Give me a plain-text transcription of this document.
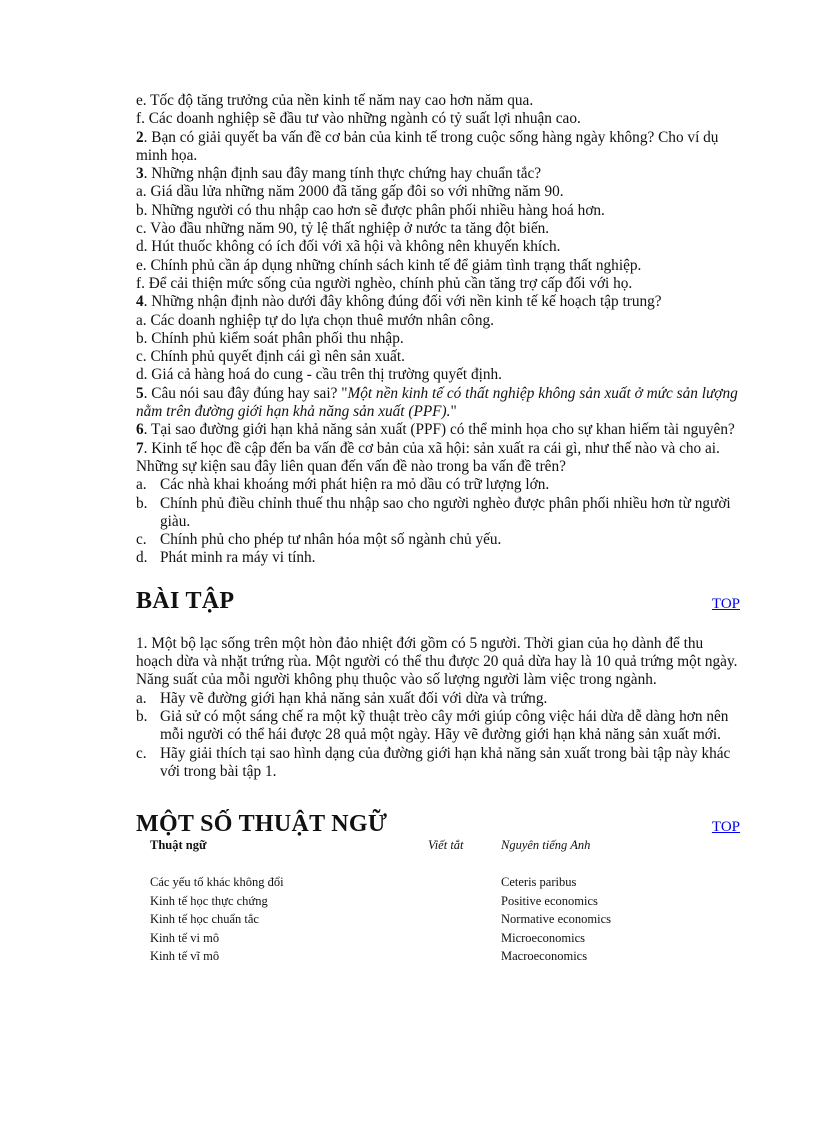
e. Tốc độ tăng trưởng của nền kinh tế năm nay cao hơn năm qua.

f. Các doanh nghiệp sẽ đầu tư vào những ngành có tỷ suất lợi nhuận cao.

2. Bạn có giải quyết ba vấn đề cơ bản của kinh tế trong cuộc sống hàng ngày không? Cho ví dụ minh họa.

3. Những nhận định sau đây mang tính thực chứng hay chuẩn tắc?

a. Giá dầu lửa những năm 2000 đã tăng gấp đôi so với những năm 90.

b. Những người có thu nhập cao hơn sẽ được phân phối nhiều hàng hoá hơn.

c. Vào đầu những năm 90, tỷ lệ thất nghiệp ở nước ta tăng đột biến.

d. Hút thuốc không có ích đối với xã hội và không nên khuyến khích.

e. Chính phủ cần áp dụng những chính sách kinh tế để giảm tình trạng thất nghiệp.

f. Để cải thiện mức sống của người nghèo, chính phủ cần tăng trợ cấp đối với họ.

4. Những nhận định nào dưới đây không đúng đối với nền kinh tế kế hoạch tập trung?

a. Các doanh nghiệp tự do lựa chọn thuê mướn nhân công.

b. Chính phủ kiểm soát phân phối thu nhập.

c. Chính phủ quyết định cái gì nên sản xuất.

d. Giá cả hàng hoá do cung - cầu trên thị trường quyết định.

5. Câu nói sau đây đúng hay sai? "Một nền kinh tế có thất nghiệp không sản xuất ở mức sản lượng nằm trên đường giới hạn khả năng sản xuất (PPF)."

6. Tại sao đường giới hạn khả năng sản xuất (PPF) có thể minh họa cho sự khan hiếm tài nguyên?

7. Kinh tế học đề cập đến ba vấn đề cơ bản của xã hội: sản xuất ra cái gì, như thế nào và cho ai. Những sự kiện sau đây liên quan đến vấn đề nào trong ba vấn đề trên?

a. Các nhà khai khoáng mới phát hiện ra mỏ dầu có trữ lượng lớn.
b. Chính phủ điều chỉnh thuế thu nhập sao cho người nghèo được phân phối nhiều hơn từ người giàu.
c. Chính phủ cho phép tư nhân hóa một số ngành chủ yếu.
d. Phát minh ra máy vi tính.
BÀI TẬP	TOP

1. Một bộ lạc sống trên một hòn đảo nhiệt đới gồm có 5 người. Thời gian của họ dành để thu hoạch dừa và nhặt trứng rùa. Một người có thể thu được 20 quả dừa hay là 10 quả trứng một ngày. Năng suất của mỗi người không phụ thuộc vào số lượng người làm việc trong ngành.

a. Hãy vẽ đường giới hạn khả năng sản xuất đối với dừa và trứng.
b. Giả sử có một sáng chế ra một kỹ thuật trèo cây mới giúp công việc hái dừa dễ dàng hơn nên mỗi người có thể hái được 28 quả một ngày. Hãy vẽ đường giới hạn khả năng sản xuất mới.
c. Hãy giải thích tại sao hình dạng của đường giới hạn khả năng sản xuất trong bài tập này khác với trong bài tập 1.
MỘT SỐ THUẬT NGỮ	TOP
Thuật ngữ	Viết tắt	Nguyên tiếng Anh

Các yếu tố khác không đổi		Ceteris paribus
Kinh tế học thực chứng		Positive economics
Kinh tế học chuẩn tắc		Normative economics
Kinh tế vi mô		Microeconomics
Kinh tế vĩ mô		Macroeconomics
